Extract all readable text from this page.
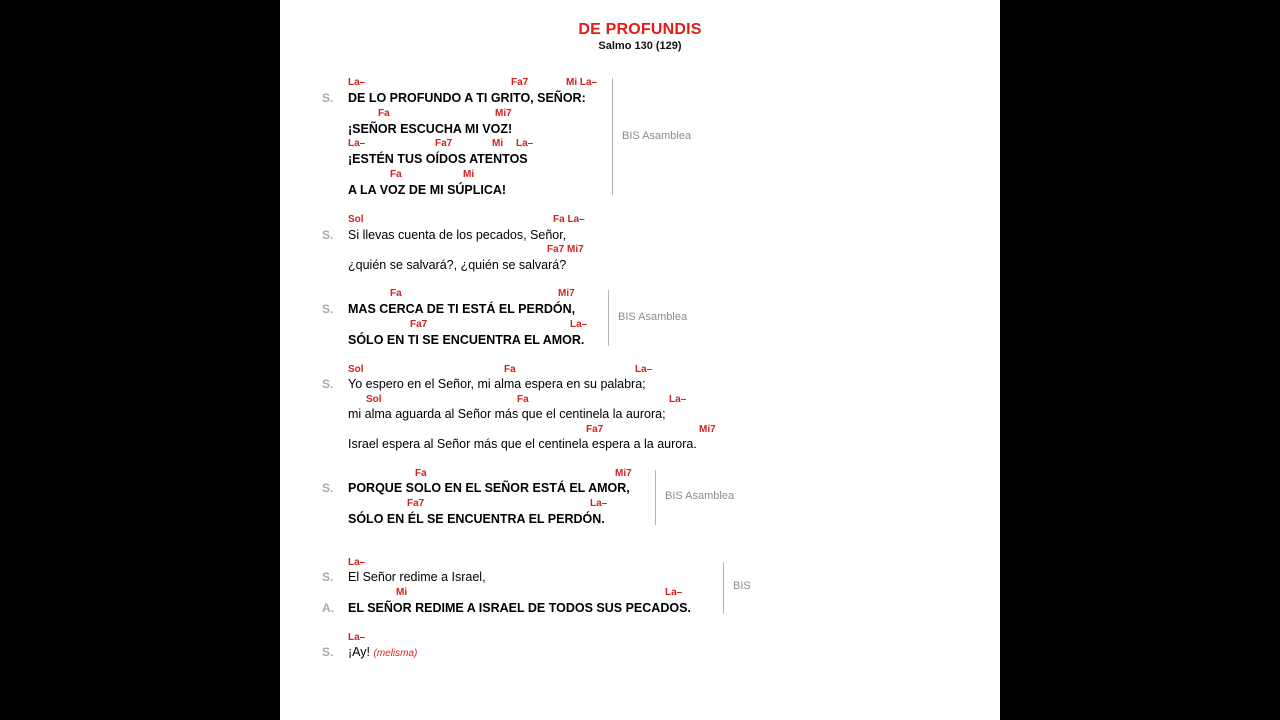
DE PROFUNDIS
Salmo 130 (129)
La–	Fa7	Mi La–
S. DE LO PROFUNDO A TI GRITO, SEÑOR:
Fa	Mi7
¡SEÑOR ESCUCHA MI VOZ!
La–	Fa7	Mi La–
¡ESTÉN TUS OÍDOS ATENTOS
Fa	Mi
A LA VOZ DE MI SÚPLICA!
BIS Asamblea
Sol	Fa La–
S. Si llevas cuenta de los pecados, Señor,
Fa7 Mi7
¿quién se salvará?, ¿quién se salvará?
Fa	Mi7
S. MAS CERCA DE TI ESTÁ EL PERDÓN,
Fa7	La–
SÓLO EN TI SE ENCUENTRA EL AMOR.
BIS Asamblea
Sol	Fa	La–
S. Yo espero en el Señor, mi alma espera en su palabra;
Sol	Fa	La–
mi alma aguarda al Señor más que el centinela la aurora;
Fa7	Mi7
Israel espera al Señor más que el centinela espera a la aurora.
Fa	Mi7
S. PORQUE SOLO EN EL SEÑOR ESTÁ EL AMOR,
Fa7	La–
SÓLO EN ÉL SE ENCUENTRA EL PERDÓN.
BIS Asamblea
La–
S. El Señor redime a Israel,
Mi	La–
A. EL SEÑOR REDIME A ISRAEL DE TODOS SUS PECADOS.
BIS
La–
S. ¡Ay! (melisma)
